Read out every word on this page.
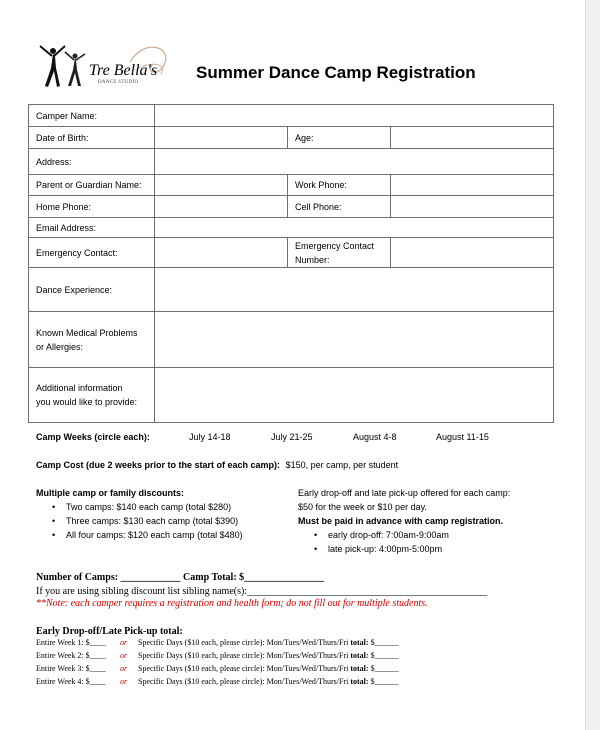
Tre Bella's
DANCE STUDIO
Summer Dance Camp Registration
Camper Name:			
Date of Birth:		Age:	
Address:			
Parent or Guardian Name:		Work Phone:	
Home Phone:		Cell Phone:	
Email Address:			
Emergency Contact:		Emergency Contact
Number:	
Dance Experience:			
Known Medical Problems
or Allergies:			
Additional information
you would like to provide:			
Camp Weeks (circle each):	July 14-18	July 21-25	August 4-8	August 11-15
Camp Cost (due 2 weeks prior to the start of each camp): $150, per camp, per student
Multiple camp or family discounts:
• Two camps: $140 each camp (total $280)
• Three camps: $130 each camp (total $390)
• All four camps: $120 each camp (total $480)
Early drop-off and late pick-up offered for each camp:
$50 for the week or $10 per day.
Must be paid in advance with camp registration.
• early drop-off: 7:00am-9:00am
• late pick-up: 4:00pm-5:00pm
Number of Camps: ____________ Camp Total: $________________
If you are using sibling discount list sibling name(s):________________________________________________
**Note: each camper requires a registration and health form; do not fill out for multiple students.
Early Drop-off/Late Pick-up total:
Entire Week 1: $____ or Specific Days ($10 each, please circle): Mon/Tues/Wed/Thurs/Fri total: $______
Entire Week 2: $____ or Specific Days ($10 each, please circle): Mon/Tues/Wed/Thurs/Fri total: $______
Entire Week 3: $____ or Specific Days ($10 each, please circle): Mon/Tues/Wed/Thurs/Fri total: $______
Entire Week 4: $____ or Specific Days ($10 each, please circle): Mon/Tues/Wed/Thurs/Fri total: $______
